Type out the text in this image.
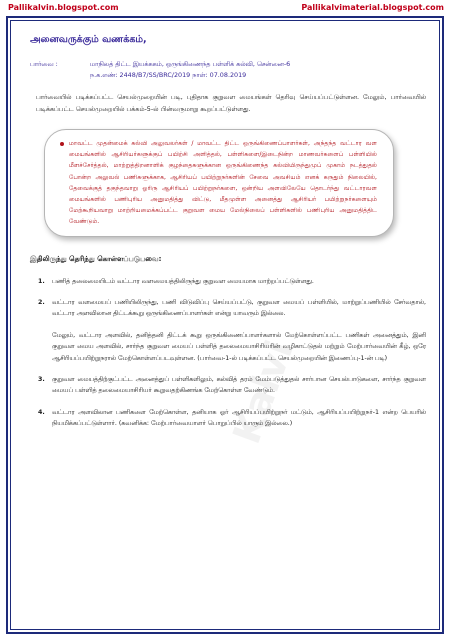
Pallikalvin.blogspot.com	Pallikalvimaterial.blogspot.com
Kalvi
அனைவருக்கும் வணக்கம்,
பார்வை :	மாநிலத் திட்ட இயக்ககம், ஒருங்கிணைந்த பள்ளிக் கல்வி, சென்னை-6
ந.க.எண்: 2448/B7/SS/BRC/2019 நாள்: 07.08.2019
பார்வையில் படிக்கப்பட்ட செயல்முறையின் படி, புதிதாக குறுவள மையங்கள் தெரிவு செய்யப்பட்டுள்ளன. மேலும், பார்வையில் படிக்கப்பட்ட செயல்முறையில் பக்கம்-5-ல் பின்வருமாறு கூறப்பட்டுள்ளது.
மாவட்ட முதன்மைக் கல்வி அலுவலர்கள் / மாவட்ட திட்ட ஒருங்கிணைப்பாளர்கள், அந்தந்த வட்டார வள மையங்களில் ஆசிரியர்களுக்குப் பயிற்சி அளித்தல், பள்ளிகளை/இடைநின்ற மாணவர்களைப் பள்ளியில் மீளச்சேர்த்தல், மாற்றுத்திறனாளிக் குழந்தைகளுக்கான ஒருங்கிணைந்த கல்வியிருந்துமுப் முகாம் நடத்துதல் போன்ற அலுவல் பணிகளுக்காக, ஆசிரியப் பயிற்றுநர்களின் சேவை அவசியம் எனக் கருதும் நிலையில், தேவைக்குத் தகுந்தவாறு ஓரிரு ஆசிரியப் பயிற்றுநர்களை, ஒன்றிய அளவிலேயே தொடர்ந்து வட்டாரவள மையங்களில் பணிபுரிய அனுமதித்து விட்டு, மீதமுள்ள அனைத்து ஆசிரியர் பயிற்றுநர்களையும் மேற்கூறியவாறு மாற்றியமைக்கப்பட்ட குறுவள மைய மேல்நிலைப் பள்ளிகளில் பணிபுரிய அனுமதித்திட வேண்டும்.
இதிலிருந்து தெரிந்து கொள்ளப்படுபவை:
1.	பணித் தலைமையிடம் வட்டார வளமையத்திலிருந்து குறுவள மையமாக மாற்றப்பட்டுள்ளது.
2.	வட்டார வளமையப் பணியிலிருந்து, பணி விடுவிப்பு செய்யப்பட்டு, குறுவள மையப் பள்ளியில், மாற்றுப்பணியில் சேர்வதால், வட்டார அளவிலான திட்டக்கூறு ஒருங்கிணைப்பாளர்கள் என்று யாவரும் இல்லை.
மேலும், வட்டார அளவில், தனித்தனி திட்டக் கூறு ஒருங்கிணைப்பாளர்களால் மேற்கொள்ளப்பட்ட பணிகள் அனைத்தும், இனி குறுவள மைய அளவில், சார்ந்த குறுவள மையப் பள்ளித் தலைமையாசிரியரின் வழிகாட்டுதல் மற்றும் மேற்பார்வையின் கீழ், ஒரே ஆசிரியப்பயிற்றுநரால் மேற்கொள்ளப்படவுள்ளன. (பார்வை-1-ல் படிக்கப்பட்ட செயல்முறையின் இணைப்பு-1-ன் படி)
3.	குறுவள மையத்திற்குட்பட்ட அனைத்துப் பள்ளிகளிலும், கல்வித் தரம் மேம்படுத்துதல் சார்பான செயல்பாடுகளை, சார்ந்த குறுவள மையப் பள்ளித் தலைமையாசிரியர் கூறுவதற்கிணங்க மேற்கொள்ள வேண்டும்.
4.	வட்டார அளவிலான பணிகளை மேற்கொள்ள, தனியாக ஓர் ஆசிரியப்பயிற்றுநர் மட்டும், ஆசிரியப்பயிற்றுநர்-1 என்ற பெயரில் நியமிக்கப்பட்டுள்ளார். (கவனிக்க: மேற்பார்வையாளர் பொறுப்பில் யாரும் இல்லை.)
